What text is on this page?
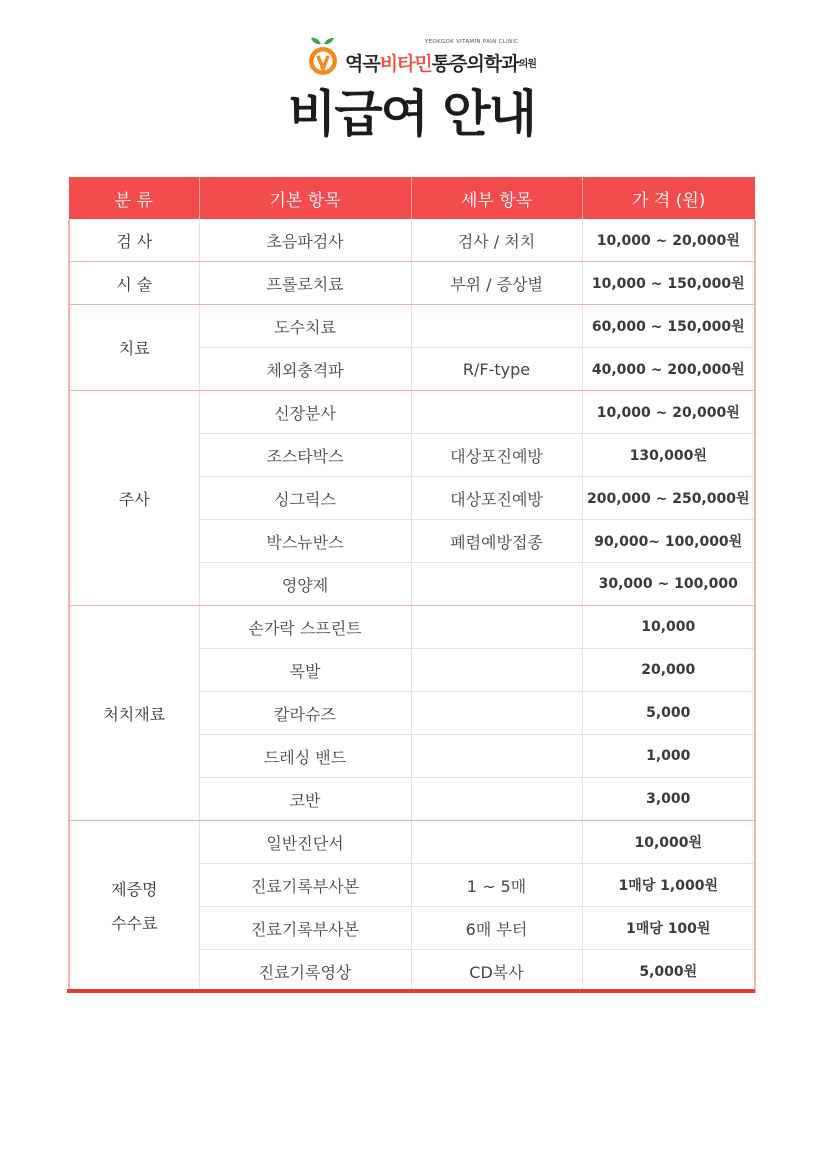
YEOKGOK VITAMIN PAIN CLINIC
역곡비타민통증의학과의원
비급여 안내
분 류	기본 항목	세부 항목	가 격 (원)
검 사	초음파검사	검사 / 처치	10,000 ~ 20,000원
시 술	프롤로치료	부위 / 증상별	10,000 ~ 150,000원
치료	도수치료		60,000 ~ 150,000원
	체외충격파	R/F-type	40,000 ~ 200,000원
주사	신장분사		10,000 ~ 20,000원
	조스타박스	대상포진예방	130,000원
	싱그릭스	대상포진예방	200,000 ~ 250,000원
	박스뉴반스	폐렴예방접종	90,000~ 100,000원
	영양제		30,000 ~ 100,000
처치재료	손가락 스프린트		10,000
	목발		20,000
	칼라슈즈		5,000
	드레싱 밴드		1,000
	코반		3,000

제증명
수수료	일반진단서		10,000원
	진료기록부사본	1 ~ 5매	1매당 1,000원
	진료기록부사본	6매 부터	1매당 100원
	진료기록영상	CD복사	5,000원
